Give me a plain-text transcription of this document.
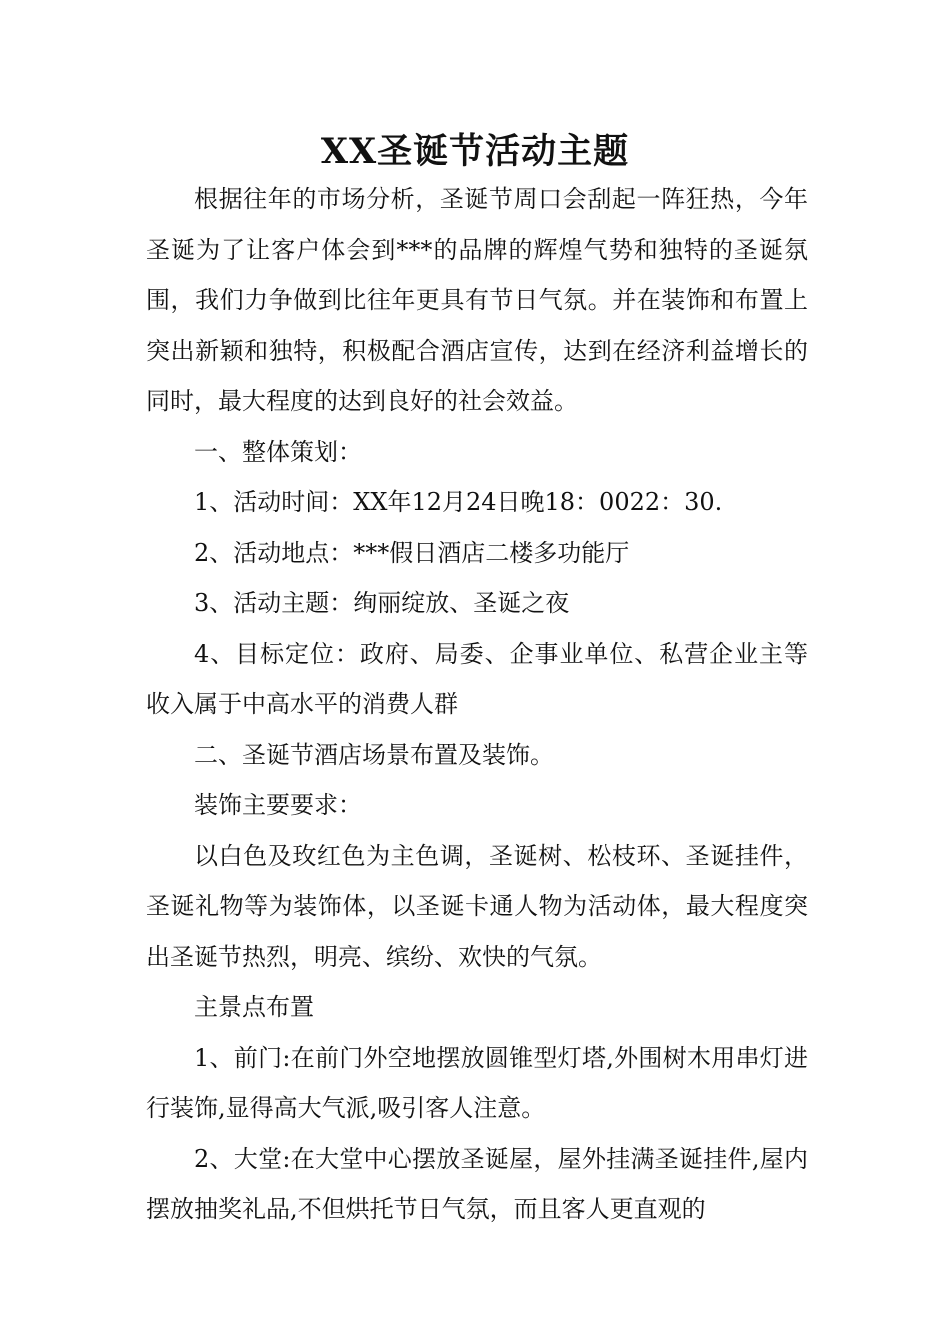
XX圣诞节活动主题

根据往年的市场分析，圣诞节周口会刮起一阵狂热，今年圣诞为了让客户体会到***的品牌的辉煌气势和独特的圣诞氛围，我们力争做到比往年更具有节日气氛。并在装饰和布置上突出新颖和独特，积极配合酒店宣传，达到在经济利益增长的同时，最大程度的达到良好的社会效益。

一、整体策划：

1、活动时间：XX年12月24日晚18：0022：30.

2、活动地点：***假日酒店二楼多功能厅

3、活动主题：绚丽绽放、圣诞之夜

4、目标定位：政府、局委、企事业单位、私营企业主等收入属于中高水平的消费人群

二、圣诞节酒店场景布置及装饰。

装饰主要要求：

以白色及玫红色为主色调，圣诞树、松枝环、圣诞挂件，圣诞礼物等为装饰体，以圣诞卡通人物为活动体，最大程度突出圣诞节热烈，明亮、缤纷、欢快的气氛。

主景点布置

1、前门:在前门外空地摆放圆锥型灯塔,外围树木用串灯进行装饰,显得高大气派,吸引客人注意。

2、大堂:在大堂中心摆放圣诞屋，屋外挂满圣诞挂件,屋内摆放抽奖礼品,不但烘托节日气氛，而且客人更直观的
